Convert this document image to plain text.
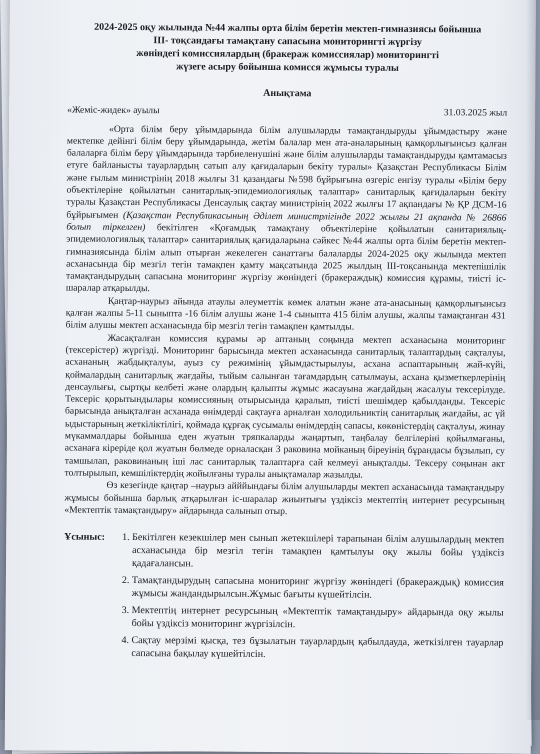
2024-2025 оқу жылында №44 жалпы орта білім беретін мектеп-гимназиясы бойынша
III- тоқсандағы тамақтану сапасына мониторингті жүргізу
жөніндегі комиссиялардың (бракераж комиссиялар) мониторингті
жүзеге асыру бойынша комисся жұмысы туралы
Анықтама
«Жеміс-жидек» ауылы	31.03.2025 жыл

«Орта білім беру ұйымдарында білім алушыларды тамақтандыруды ұйымдастыру және мектепке дейінгі білім беру ұйымдарында, жетім балалар мен ата-аналарының қамқорлығынсыз қалған балаларға білім беру ұйымдарында тәрбиеленушіні және білім алушыларды тамақтандыруды қамтамасыз етуге байланысты тауарлардың сатып алу қағидаларын бекіту туралы» Қазақстан Республикасы Білім және ғылым министрінің 2018 жылғы 31 қазандағы №598 бұйрығына өзгеріс енгізу туралы «Білім беру объектілеріне қойылатын санитарлық-эпидемиологиялық талаптар» санитарлық қағидаларын бекіту туралы Қазақстан Республикасы Денсаулық сақтау министрінің 2022 жылғы 17 ақпандағы № ҚР ДСМ-16 бұйрығымен (Қазақстан Республикасының Әділет министрлігінде 2022 жылғы 21 ақпанда № 26866 болып тіркелген) бекітілген «Қоғамдық тамақтану объектілеріне қойылатын санитариялық-эпидемиологиялық талаптар» санитариялық қағидаларына сәйкес №44 жалпы орта білім беретін мектеп-гимназиясында білім алып отырған жекелеген санаттағы балаларды 2024-2025 оқу жылында мектеп асханасында бір мезгіл тегін тамақпен қамту мақсатында 2025 жылдың III-тоқсанында мектепішілік тамақтандырудың сапасына мониторинг жүргізу жөніндегі (бракераждық) комиссия құрамы, тиісті іс-шаралар атқарылды.

Қаңтар-наурыз айында атаулы әлеуметтік көмек алатын және ата-анасының қамқорлығынсыз қалған жалпы 5-11 сыныпта -16 білім алушы және 1-4 сыныпта 415 білім алушы, жалпы тамақтанған 431 білім алушы мектеп асханасында бір мезгіл тегін тамақпен қамтылды.

Жасақталған комиссия құрамы әр аптаның соңында мектеп асханасына мониторинг (тексерістер) жүргізді. Мониторинг барысында мектеп асханасында санитарлық талаптардың сақталуы, асхананың жабдықталуы, ауыз су режимінің ұйымдастырылуы, асхана аспаптарының жай-күйі, қоймалардың санитарлық жағдайы, тыйым салынған тағамдардың сатылмауы, асхана қызметкерлерінің денсаулығы, сыртқы келбеті және олардың қалыпты жұмыс жасауына жағдайдың жасалуы тексерілуде. Тексеріс қорытындылары комиссияның отырысында қаралып, тиісті шешімдер қабылданды. Тексеріс барысында анықталған асханада өнімдерді сақтауға арналған холодильниктің санитарлық жағдайы, ас үй ыдыстарының жеткіліктілігі, қоймада құрғақ сусымалы өнімдердің сапасы, көкөністердің сақталуы, жинау мүкаммалдары бойынша еден жуатын тряпкаларды жаңартып, таңбалау белгілеріні қойылмағаны, асханаға кіреріде қол жуатын бөлмеде орналасқан 3 раковина мойканың біреуінің бұрандасы бұзылып, су тамшылап, раковинаның іші лас санитарлық талаптарға сай келмеуі анықталды. Тексеру соңынан акт толтырылып, кемшіліктердің жойылғаны туралы анықтамалар жазылды.

Өз кезегінде қаңтар –наурыз айййындағы білім алушыларды мектеп асханасында тамақтандыру жұмысы бойынша барлық атқарылған іс-шаралар жиынтығы үздіксіз мектептің интернет ресурсының «Мектептік тамақтандыру» айдарында салынып отыр.

Ұсыныс:
1.	Бекітілген кезекшілер мен сынып жетекшілері тарапынан білім алушылардың мектеп асханасында бір мезгіл тегін тамақпен қамтылуы оқу жылы бойы үздіксіз қадағалансын.
2. Тамақтандырудың сапасына мониторинг жүргізу жөніндегі (бракераждық) комиссия жұмысы жандандырылсын.Жұмыс бағыты күшейтілсін.
3. Мектептің интернет ресурсының «Мектептік тамақтандыру» айдарында оқу жылы бойы үздіксіз мониторинг жүргізілсін.
4. Сақтау мерзімі қысқа, тез бұзылатын тауарлардың қабылдауда, жеткізілген тауарлар сапасына бақылау күшейтілсін.
